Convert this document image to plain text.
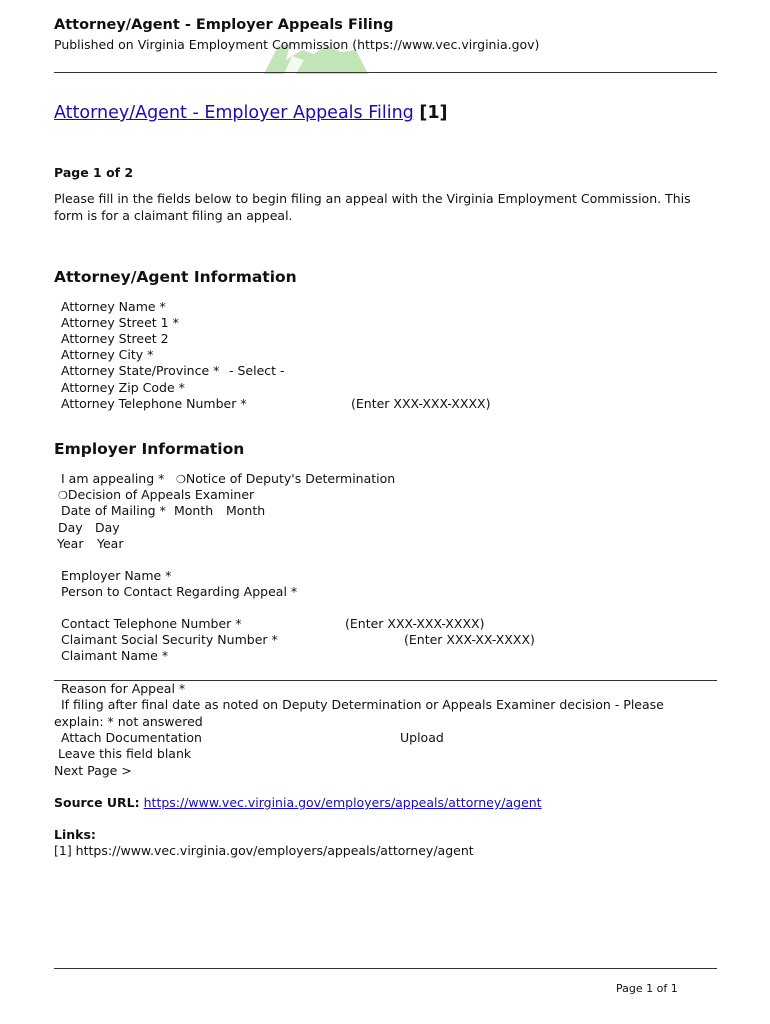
Attorney/Agent - Employer Appeals Filing
Published on Virginia Employment Commission (https://www.vec.virginia.gov)
Attorney/Agent - Employer Appeals Filing [1]
Page 1 of 2
Please fill in the fields below to begin filing an appeal with the Virginia Employment Commission. This form is for a claimant filing an appeal.
Attorney/Agent Information
Attorney Name *
Attorney Street 1 *
Attorney Street 2
Attorney City *
Attorney State/Province * - Select -
Attorney Zip Code *
Attorney Telephone Number *	(Enter XXX-XXX-XXXX)
Employer Information
I am appealing * ❍Notice of Deputy's Determination
❍Decision of Appeals Examiner
Date of Mailing * Month Month
Day Day
Year Year
Employer Name *
Person to Contact Regarding Appeal *
Contact Telephone Number *	(Enter XXX-XXX-XXXX)
Claimant Social Security Number *	(Enter XXX-XX-XXXX)
Claimant Name *
Reason for Appeal *
If filing after final date as noted on Deputy Determination or Appeals Examiner decision - Please
explain: * not answered
Attach Documentation	Upload
Leave this field blank
Next Page >
Source URL: https://www.vec.virginia.gov/employers/appeals/attorney/agent
Links:
[1] https://www.vec.virginia.gov/employers/appeals/attorney/agent
Page 1 of 1
